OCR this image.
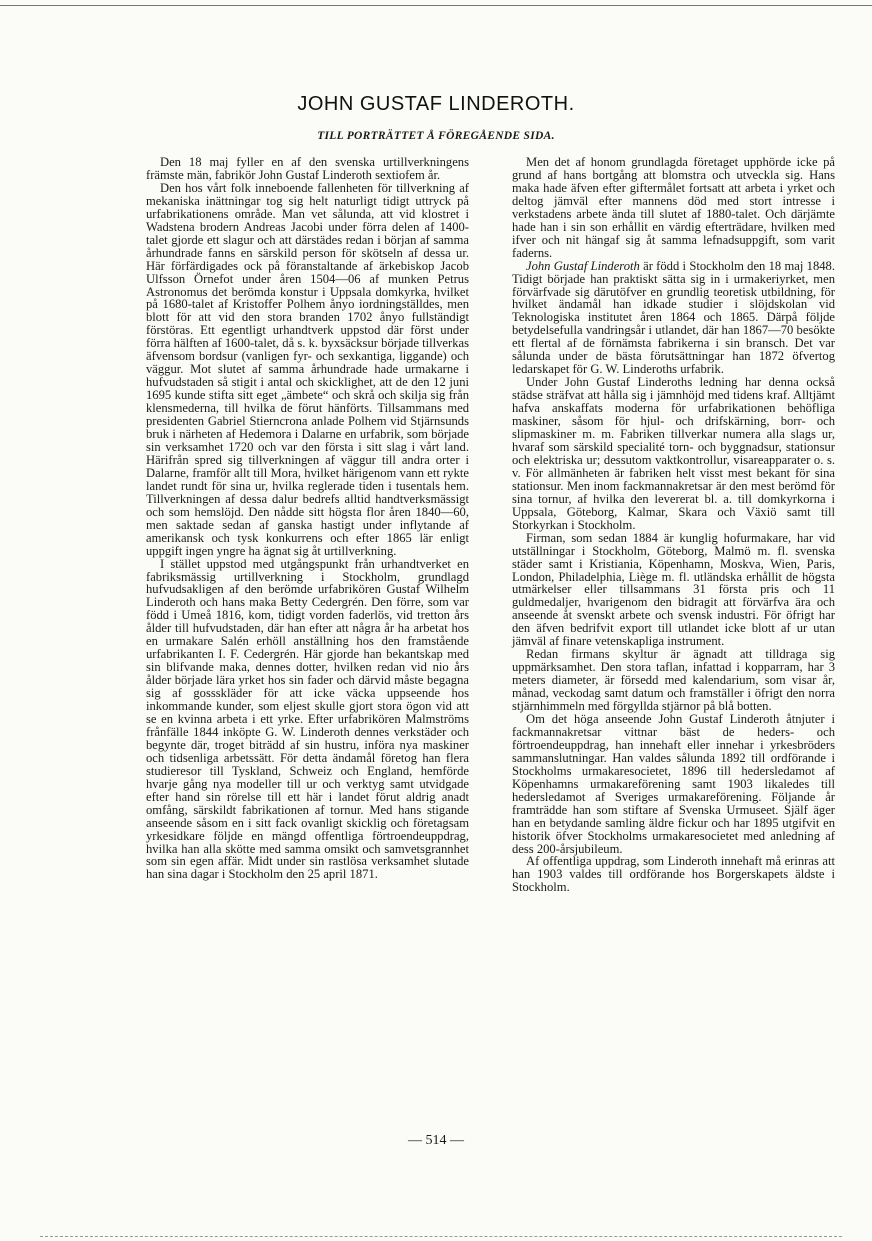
JOHN GUSTAF LINDEROTH.
TILL PORTRÄTTET Å FÖREGÅENDE SIDA.

Den 18 maj fyller en af den svenska urtillverkningens främste män, fabrikör John Gustaf Linderoth sextiofem år.

Den hos vårt folk inneboende fallenheten för tillverkning af mekaniska inättningar tog sig helt naturligt tidigt uttryck på urfabrikationens område. Man vet sålunda, att vid klostret i Wadstena brodern Andreas Jacobi under förra delen af 1400-talet gjorde ett slagur och att därstädes redan i början af samma århundrade fanns en särskild person för skötseln af dessa ur. Här förfärdigades ock på föranstaltande af ärkebiskop Jacob Ulfsson Örnefot under åren 1504—06 af munken Petrus Astronomus det berömda konstur i Uppsala domkyrka, hvilket på 1680-talet af Kristoffer Polhem ånyo iordningställdes, men blott för att vid den stora branden 1702 ånyo fullständigt förstöras. Ett egentligt urhandtverk uppstod där först under förra hälften af 1600-talet, då s. k. byxsäcksur började tillverkas äfvensom bordsur (vanligen fyr- och sexkantiga, liggande) och väggur. Mot slutet af samma århundrade hade urmakarne i hufvudstaden så stigit i antal och skicklighet, att de den 12 juni 1695 kunde stifta sitt eget „ämbete“ och skrå och skilja sig från klensmederna, till hvilka de förut hänförts. Tillsammans med presidenten Gabriel Stierncrona anlade Polhem vid Stjärnsunds bruk i närheten af Hedemora i Dalarne en urfabrik, som började sin verksamhet 1720 och var den första i sitt slag i vårt land. Härifrån spred sig tillverkningen af väggur till andra orter i Dalarne, framför allt till Mora, hvilket härigenom vann ett rykte landet rundt för sina ur, hvilka reglerade tiden i tusentals hem. Tillverkningen af dessa dalur bedrefs alltid handtverksmässigt och som hemslöjd. Den nådde sitt högsta flor åren 1840—60, men saktade sedan af ganska hastigt under inflytande af amerikansk och tysk konkurrens och efter 1865 lär enligt uppgift ingen yngre ha ägnat sig åt urtillverkning.

I stället uppstod med utgångspunkt från urhandtverket en fabriksmässig urtillverkning i Stockholm, grundlagd hufvudsakligen af den berömde urfabrikören Gustaf Wilhelm Linderoth och hans maka Betty Cedergrén. Den förre, som var född i Umeå 1816, kom, tidigt vorden faderlös, vid tretton års ålder till hufvudstaden, där han efter att några år ha arbetat hos en urmakare Salén erhöll anställning hos den framstående urfabrikanten I. F. Cedergrén. Här gjorde han bekantskap med sin blifvande maka, dennes dotter, hvilken redan vid nio års ålder började lära yrket hos sin fader och därvid måste begagna sig af gossskläder för att icke väcka uppseende hos inkommande kunder, som eljest skulle gjort stora ögon vid att se en kvinna arbeta i ett yrke. Efter urfabrikören Malmströms frånfälle 1844 inköpte G. W. Linderoth dennes verkstäder och begynte där, troget biträdd af sin hustru, införa nya maskiner och tidsenliga arbetssätt. För detta ändamål företog han flera studieresor till Tyskland, Schweiz och England, hemförde hvarje gång nya modeller till ur och verktyg samt utvidgade efter hand sin rörelse till ett här i landet förut aldrig anadt omfång, särskildt fabrikationen af tornur. Med hans stigande anseende såsom en i sitt fack ovanligt skicklig och företagsam yrkesidkare följde en mängd offentliga förtroendeuppdrag, hvilka han alla skötte med samma omsikt och samvetsgrannhet som sin egen affär. Midt under sin rastlösa verksamhet slutade han sina dagar i Stockholm den 25 april 1871.

Men det af honom grundlagda företaget upphörde icke på grund af hans bortgång att blomstra och utveckla sig. Hans maka hade äfven efter giftermålet fortsatt att arbeta i yrket och deltog jämväl efter mannens död med stort intresse i verkstadens arbete ända till slutet af 1880-talet. Och därjämte hade han i sin son erhållit en värdig efterträdare, hvilken med ifver och nit hängaf sig åt samma lefnadsuppgift, som varit faderns.

John Gustaf Linderoth är född i Stockholm den 18 maj 1848. Tidigt började han praktiskt sätta sig in i urmakeriyrket, men förvärfvade sig därutöfver en grundlig teoretisk utbildning, för hvilket ändamål han idkade studier i slöjdskolan vid Teknologiska institutet åren 1864 och 1865. Därpå följde betydelsefulla vandringsår i utlandet, där han 1867—70 besökte ett flertal af de förnämsta fabrikerna i sin bransch. Det var sålunda under de bästa förutsättningar han 1872 öfvertog ledarskapet för G. W. Linderoths urfabrik.

Under John Gustaf Linderoths ledning har denna också städse sträfvat att hålla sig i jämnhöjd med tidens kraf. Alltjämt hafva anskaffats moderna för urfabrikationen behöfliga maskiner, såsom för hjul- och drifskärning, borr- och slipmaskiner m. m. Fabriken tillverkar numera alla slags ur, hvaraf som särskild specialité torn- och byggnadsur, stationsur och elektriska ur; dessutom vaktkontrollur, visareapparater o. s. v. För allmänheten är fabriken helt visst mest bekant för sina stationsur. Men inom fackmannakretsar är den mest berömd för sina tornur, af hvilka den levererat bl. a. till domkyrkorna i Uppsala, Göteborg, Kalmar, Skara och Växiö samt till Storkyrkan i Stockholm.

Firman, som sedan 1884 är kunglig hofurmakare, har vid utställningar i Stockholm, Göteborg, Malmö m. fl. svenska städer samt i Kristiania, Köpenhamn, Moskva, Wien, Paris, London, Philadelphia, Liège m. fl. utländska erhållit de högsta utmärkelser eller tillsammans 31 första pris och 11 guldmedaljer, hvarigenom den bidragit att förvärfva ära och anseende åt svenskt arbete och svensk industri. För öfrigt har den äfven bedrifvit export till utlandet icke blott af ur utan jämväl af finare vetenskapliga instrument.

Redan firmans skyltur är ägnadt att tilldraga sig uppmärksamhet. Den stora taflan, infattad i kopparram, har 3 meters diameter, är försedd med kalendarium, som visar år, månad, veckodag samt datum och framställer i öfrigt den norra stjärnhimmeln med förgyllda stjärnor på blå botten.

Om det höga anseende John Gustaf Linderoth åtnjuter i fackmannakretsar vittnar bäst de heders- och förtroendeuppdrag, han innehaft eller innehar i yrkesbröders sammanslutningar. Han valdes sålunda 1892 till ordförande i Stockholms urmakaresocietet, 1896 till hedersledamot af Köpenhamns urmakareförening samt 1903 likaledes till hedersledamot af Sveriges urmakareförening. Följande år framträdde han som stiftare af Svenska Urmuseet. Själf äger han en betydande samling äldre fickur och har 1895 utgifvit en historik öfver Stockholms urmakaresocietet med anledning af dess 200-årsjubileum.

Af offentliga uppdrag, som Linderoth innehaft må erinras att han 1903 valdes till ordförande hos Borgerskapets äldste i Stockholm.

— 514 —
